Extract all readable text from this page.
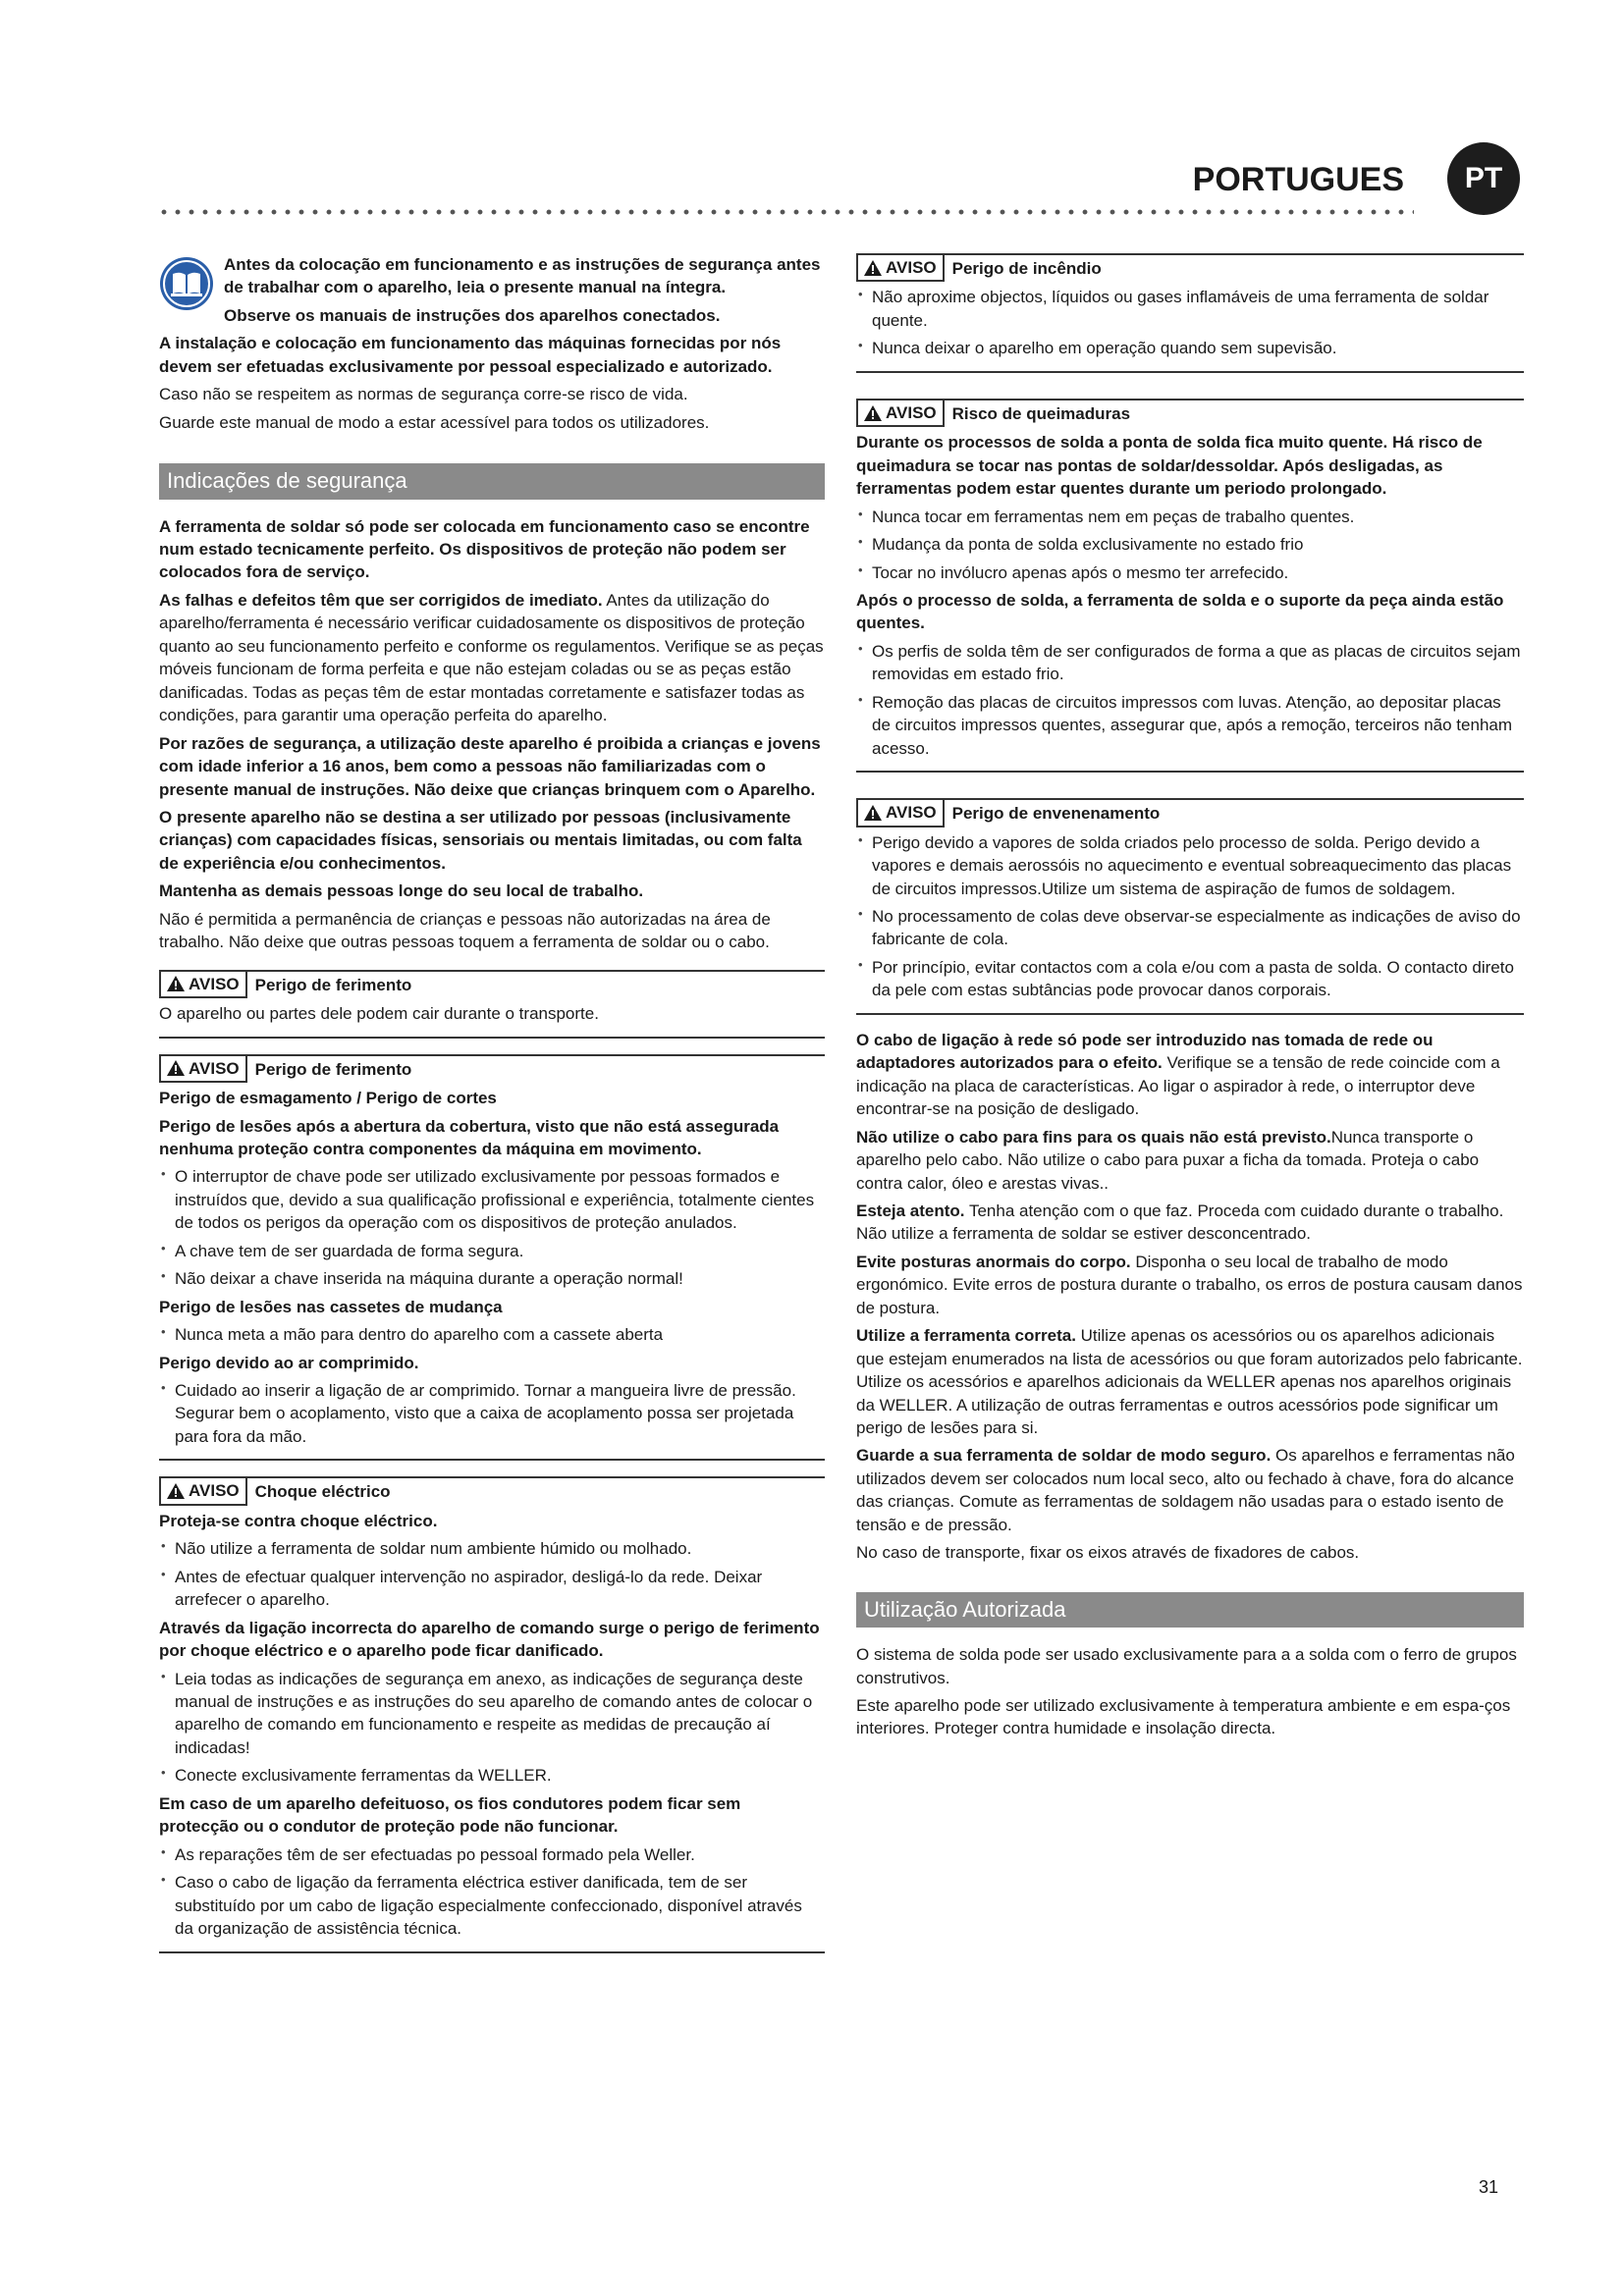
PORTUGUES	PT

Antes da colocação em funcionamento e as instruções de segurança antes de trabalhar com o aparelho, leia o presente manual na íntegra.

Observe os manuais de instruções dos aparelhos conectados.

A instalação e colocação em funcionamento das máquinas fornecidas por nós devem ser efetuadas exclusivamente por pessoal especializado e autorizado.

Caso não se respeitem as normas de segurança corre-se risco de vida.

Guarde este manual de modo a estar acessível para todos os utilizadores.

Indicações de segurança

A ferramenta de soldar só pode ser colocada em funcionamento caso se encontre num estado tecnicamente perfeito. Os dispositivos de proteção não podem ser colocados fora de serviço.

As falhas e defeitos têm que ser corrigidos de imediato. Antes da utilização do aparelho/ferramenta é necessário verificar cuidadosamente os dispositivos de proteção quanto ao seu funcionamento perfeito e conforme os regulamentos. Verifique se as peças móveis funcionam de forma perfeita e que não estejam coladas ou se as peças estão danificadas. Todas as peças têm de estar montadas corretamente e satisfazer todas as condições, para garantir uma operação perfeita do aparelho.

Por razões de segurança, a utilização deste aparelho é proibida a crianças e jovens com idade inferior a 16 anos, bem como a pessoas não familiarizadas com o presente manual de instruções. Não deixe que crianças brinquem com o Aparelho.

O presente aparelho não se destina a ser utilizado por pessoas (inclusivamente crianças) com capacidades físicas, sensoriais ou mentais limitadas, ou com falta de experiência e/ou conhecimentos.

Mantenha as demais pessoas longe do seu local de trabalho.

Não é permitida a permanência de crianças e pessoas não autorizadas na área de trabalho. Não deixe que outras pessoas toquem a ferramenta de soldar ou o cabo.

AVISO Perigo de ferimento

O aparelho ou partes dele podem cair durante o transporte.

AVISO Perigo de ferimento

Perigo de esmagamento / Perigo de cortes

Perigo de lesões após a abertura da cobertura, visto que não está assegurada nenhuma proteção contra componentes da máquina em movimento.

• O interruptor de chave pode ser utilizado exclusivamente por pessoas formados e instruídos que, devido a sua qualificação profissional e experiência, totalmente cientes de todos os perigos da operação com os dispositivos de proteção anulados.
• A chave tem de ser guardada de forma segura.
• Não deixar a chave inserida na máquina durante a operação normal!

Perigo de lesões nas cassetes de mudança

• Nunca meta a mão para dentro do aparelho com a cassete aberta

Perigo devido ao ar comprimido.

• Cuidado ao inserir a ligação de ar comprimido. Tornar a mangueira livre de pressão. Segurar bem o acoplamento, visto que a caixa de acoplamento possa ser projetada para fora da mão.
AVISO Choque eléctrico

Proteja-se contra choque eléctrico.

• Não utilize a ferramenta de soldar num ambiente húmido ou molhado.
• Antes de efectuar qualquer intervenção no aspirador, desligá-lo da rede. Deixar arrefecer o aparelho.

Através da ligação incorrecta do aparelho de comando surge o perigo de ferimento por choque eléctrico e o aparelho pode ficar danificado.

• Leia todas as indicações de segurança em anexo, as indicações de segurança deste manual de instruções e as instruções do seu aparelho de comando antes de colocar o aparelho de comando em funcionamento e respeite as medidas de precaução aí indicadas!
• Conecte exclusivamente ferramentas da WELLER.

Em caso de um aparelho defeituoso, os fios condutores podem ficar sem protecção ou o condutor de proteção pode não funcionar.

• As reparações têm de ser efectuadas po pessoal formado pela Weller.
• Caso o cabo de ligação da ferramenta eléctrica estiver danificada, tem de ser substituído por um cabo de ligação especialmente confeccionado, disponível através da organização de assistência técnica.
AVISO Perigo de incêndio
• Não aproxime objectos, líquidos ou gases inflamáveis de uma ferramenta de soldar quente.
• Nunca deixar o aparelho em operação quando sem supevisão.
AVISO Risco de queimaduras

Durante os processos de solda a ponta de solda fica muito quente. Há risco de queimadura se tocar nas pontas de soldar/dessoldar. Após desligadas, as ferramentas podem estar quentes durante um periodo prolongado.

• Nunca tocar em ferramentas nem em peças de trabalho quentes.
• Mudança da ponta de solda exclusivamente no estado frio
• Tocar no invólucro apenas após o mesmo ter arrefecido.

Após o processo de solda, a ferramenta de solda e o suporte da peça ainda estão quentes.

• Os perfis de solda têm de ser configurados de forma a que as placas de circuitos sejam removidas em estado frio.
• Remoção das placas de circuitos impressos com luvas. Atenção, ao depositar placas de circuitos impressos quentes, assegurar que, após a remoção, terceiros não tenham acesso.
AVISO Perigo de envenenamento
• Perigo devido a vapores de solda criados pelo processo de solda. Perigo devido a vapores e demais aerossóis no aquecimento e eventual sobreaquecimento das placas de circuitos impressos.Utilize um sistema de aspiração de fumos de soldagem.
• No processamento de colas deve observar-se especialmente as indicações de aviso do fabricante de cola.
• Por princípio, evitar contactos com a cola e/ou com a pasta de solda. O contacto direto da pele com estas subtâncias pode provocar danos corporais.

O cabo de ligação à rede só pode ser introduzido nas tomada de rede ou adaptadores autorizados para o efeito. Verifique se a tensão de rede coincide com a indicação na placa de características. Ao ligar o aspirador à rede, o interruptor deve encontrar-se na posição de desligado.

Não utilize o cabo para fins para os quais não está previsto.Nunca transporte o aparelho pelo cabo. Não utilize o cabo para puxar a ficha da tomada. Proteja o cabo contra calor, óleo e arestas vivas..

Esteja atento. Tenha atenção com o que faz. Proceda com cuidado durante o trabalho. Não utilize a ferramenta de soldar se estiver desconcentrado.

Evite posturas anormais do corpo. Disponha o seu local de trabalho de modo ergonómico. Evite erros de postura durante o trabalho, os erros de postura causam danos de postura.

Utilize a ferramenta correta. Utilize apenas os acessórios ou os aparelhos adicionais que estejam enumerados na lista de acessórios ou que foram autorizados pelo fabricante. Utilize os acessórios e aparelhos adicionais da WELLER apenas nos aparelhos originais da WELLER. A utilização de outras ferramentas e outros acessórios pode significar um perigo de lesões para si.

Guarde a sua ferramenta de soldar de modo seguro. Os aparelhos e ferramentas não utilizados devem ser colocados num local seco, alto ou fechado à chave, fora do alcance das crianças. Comute as ferramentas de soldagem não usadas para o estado isento de tensão e de pressão.

No caso de transporte, fixar os eixos através de fixadores de cabos.

Utilização Autorizada

O sistema de solda pode ser usado exclusivamente para a a solda com o ferro de grupos construtivos.

Este aparelho pode ser utilizado exclusivamente à temperatura ambiente e em espa-ços interiores. Proteger contra humidade e insolação directa.

31
